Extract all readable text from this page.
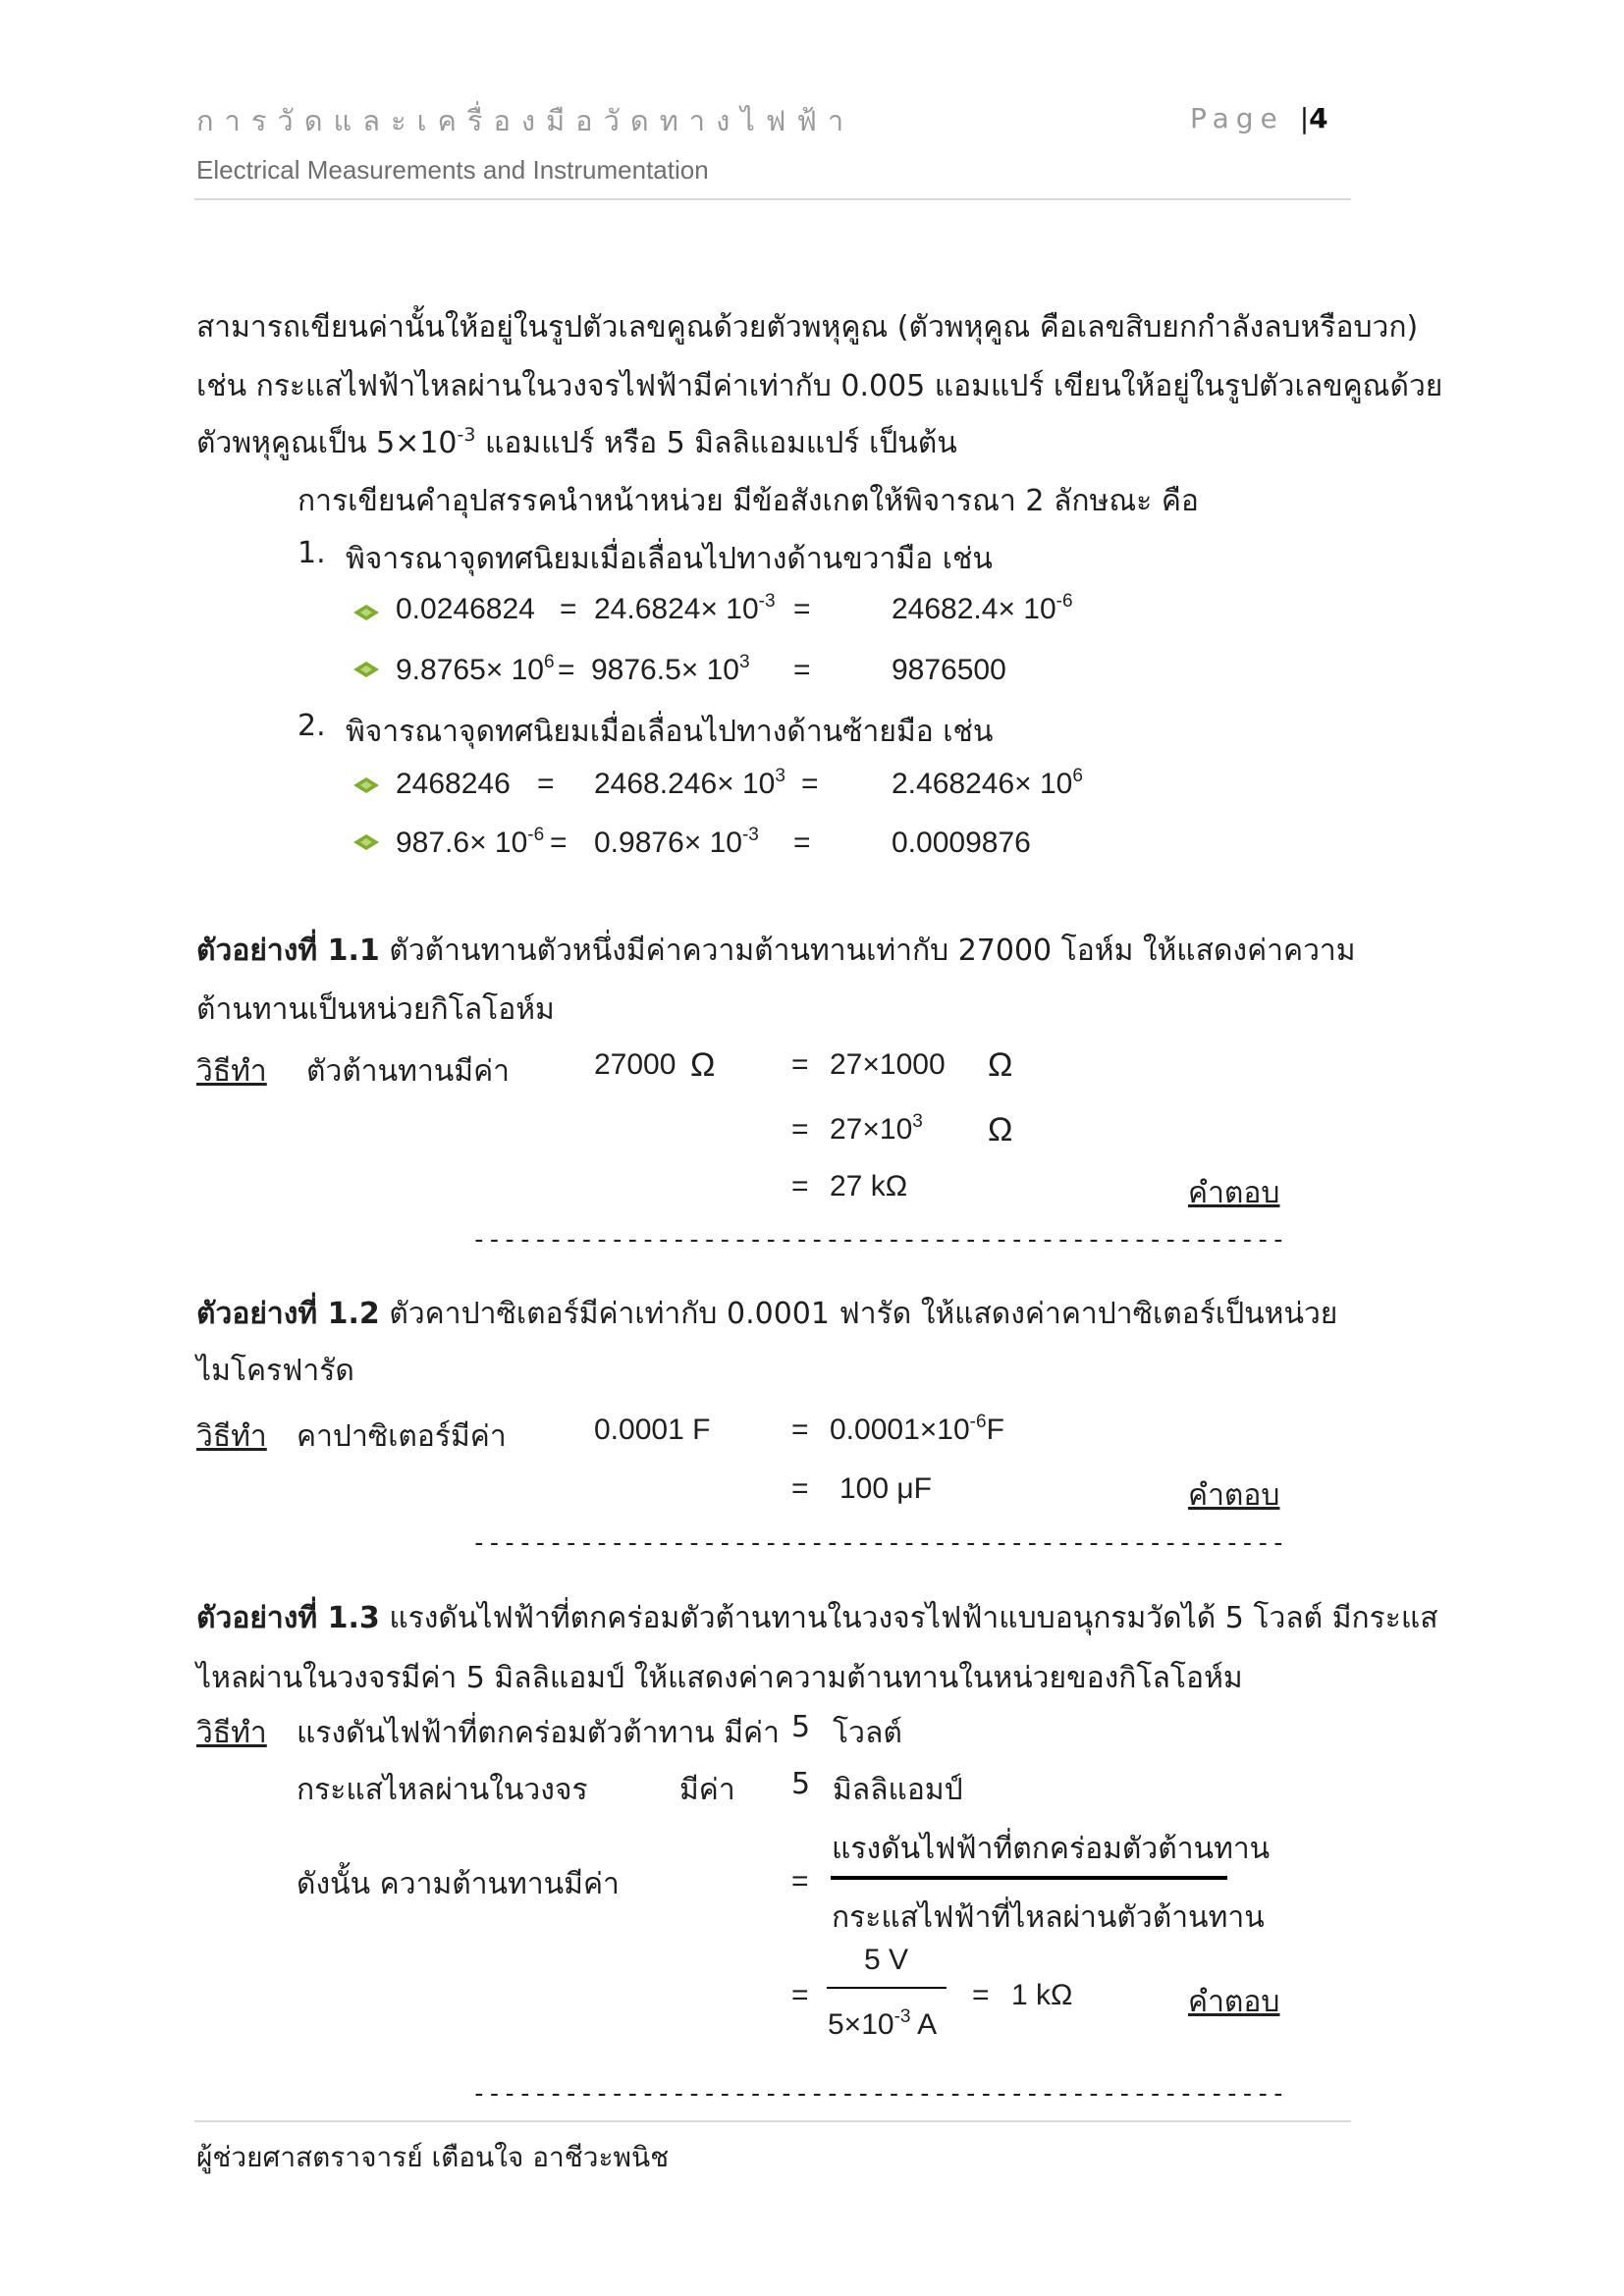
การวัดและเครื่องมือวัดทางไฟฟ้า	Page |4
Electrical Measurements and Instrumentation
สามารถเขียนค่านั้นให้อยู่ในรูปตัวเลขคูณด้วยตัวพหุคูณ (ตัวพหุคูณ คือเลขสิบยกกำลังลบหรือบวก)
เช่น กระแสไฟฟ้าไหลผ่านในวงจรไฟฟ้ามีค่าเท่ากับ 0.005 แอมแปร์ เขียนให้อยู่ในรูปตัวเลขคูณด้วย
ตัวพหุคูณเป็น $5\times 10^{-3}$ แอมแปร์ หรือ 5 มิลลิแอมแปร์ เป็นต้น
การเขียนคำอุปสรรคนำหน้าหน่วย มีข้อสังเกตให้พิจารณา 2 ลักษณะ คือ
1. พิจารณาจุดทศนิยมเมื่อเลื่อนไปทางด้านขวามือ เช่น
$0.0246824 = 24.6824\times 10^{-3}$ =	$24682.4\times 10^{-6}$
$9.8765\times 10^6 = 9876.5\times 10^3$ =	9876500
2. พิจารณาจุดทศนิยมเมื่อเลื่อนไปทางด้านซ้ายมือ เช่น
$2468246 = 2468.246\times 10^3 = 2.468246\times 10^6$
$987.6\times 10^{-6} = 0.9876\times 10^{-3}$ =	0.0009876
ตัวอย่างที่ 1.1 ตัวต้านทานตัวหนึ่งมีค่าความต้านทานเท่ากับ 27000 โอห์ม ให้แสดงค่าความ
ต้านทานเป็นหน่วยกิโลโอห์ม
วิธีทำ ตัวต้านทานมีค่า	27000 Ω	= 27×1000 Ω
= $27\times 10^3$ Ω
= 27 kΩ	คำตอบ
-----------------------------------------------------
ตัวอย่างที่ 1.2 ตัวคาปาซิเตอร์มีค่าเท่ากับ 0.0001 ฟารัด ให้แสดงค่าคาปาซิเตอร์เป็นหน่วย
ไมโครฟารัด
วิธีทำ คาปาซิเตอร์มีค่า	0.0001 F	= $0.0001\times 10^{-6}F$
= 100 μF	คำตอบ
-----------------------------------------------------
ตัวอย่างที่ 1.3 แรงดันไฟฟ้าที่ตกคร่อมตัวต้านทานในวงจรไฟฟ้าแบบอนุกรมวัดได้ 5 โวลต์ มีกระแส
ไหลผ่านในวงจรมีค่า 5 มิลลิแอมป์ ให้แสดงค่าความต้านทานในหน่วยของกิโลโอห์ม
วิธีทำ แรงดันไฟฟ้าที่ตกคร่อมตัวต้าทาน มีค่า 5 โวลต์
กระแสไหลผ่านในวงจร	มีค่า 5 มิลลิแอมป์
ดังนั้น ความต้านทานมีค่า	=
แรงดันไฟฟ้าที่ตกคร่อมตัวต้านทาน
กระแสไฟฟ้าที่ไหลผ่านตัวต้านทาน
5 V
=
$5\times 10^{-3}$ A
= 1 kΩ	คำตอบ
-----------------------------------------------------
ผู้ช่วยศาสตราจารย์ เตือนใจ อาชีวะพนิช
